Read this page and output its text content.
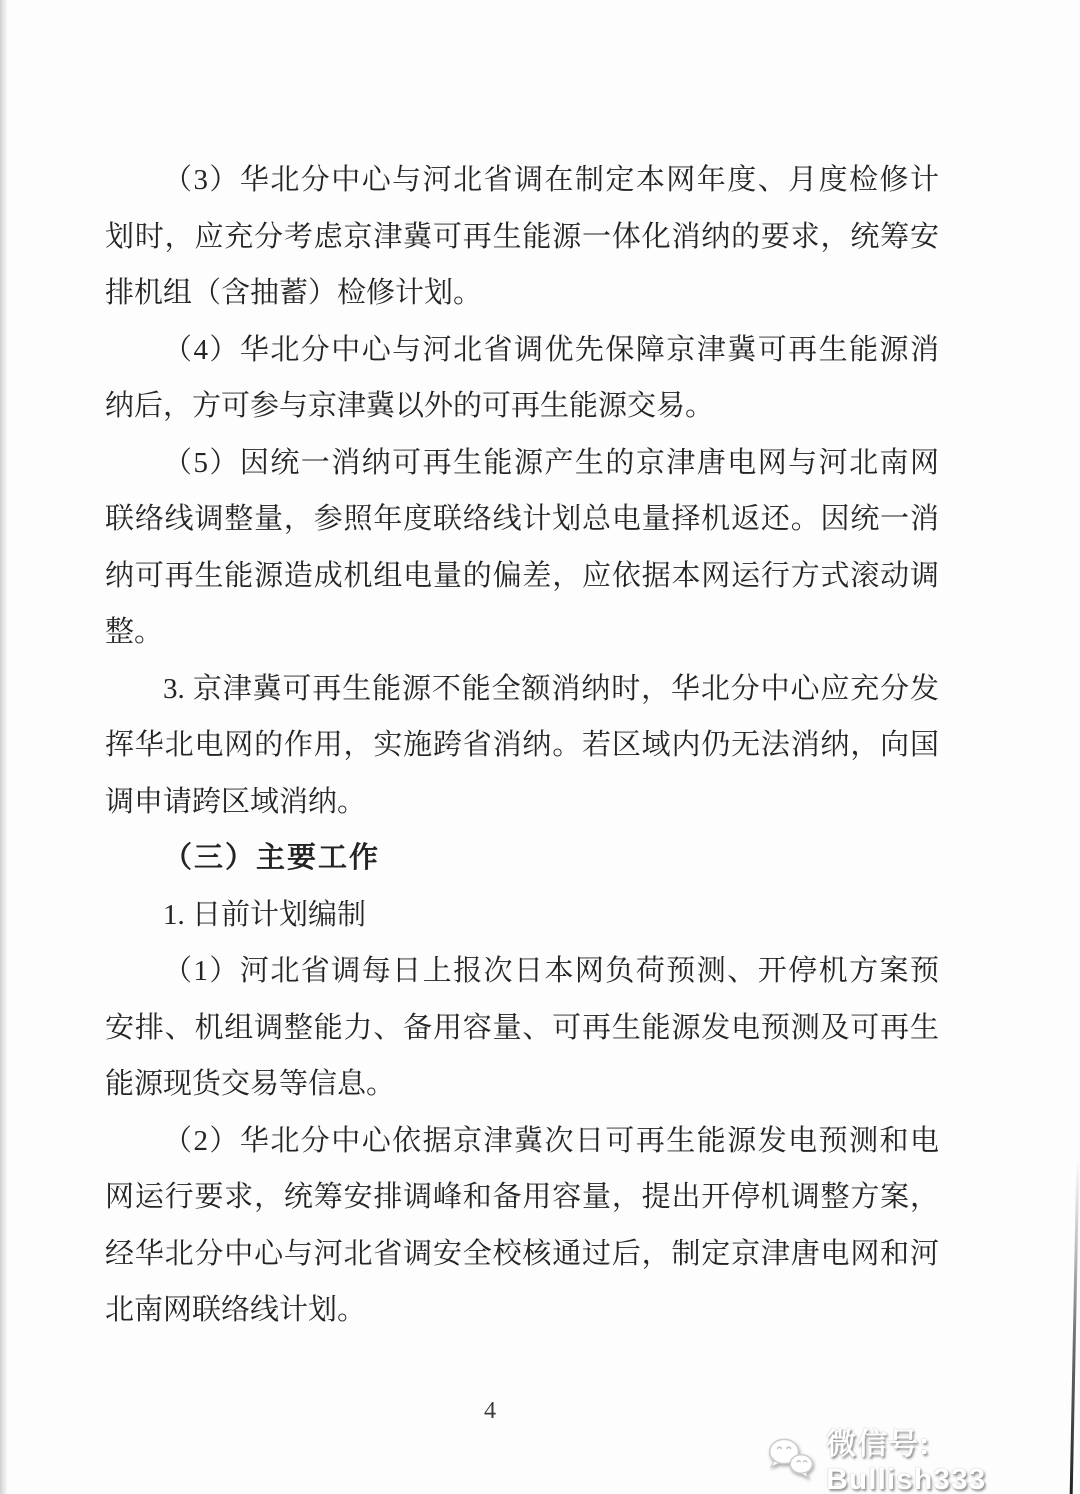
（3）华北分中心与河北省调在制定本网年度、月度检修计
划时，应充分考虑京津冀可再生能源一体化消纳的要求，统筹安
排机组（含抽蓄）检修计划。
（4）华北分中心与河北省调优先保障京津冀可再生能源消
纳后，方可参与京津冀以外的可再生能源交易。
（5）因统一消纳可再生能源产生的京津唐电网与河北南网
联络线调整量，参照年度联络线计划总电量择机返还。因统一消
纳可再生能源造成机组电量的偏差，应依据本网运行方式滚动调
整。
3. 京津冀可再生能源不能全额消纳时，华北分中心应充分发
挥华北电网的作用，实施跨省消纳。若区域内仍无法消纳，向国
调申请跨区域消纳。
（三）主要工作
1. 日前计划编制
（1）河北省调每日上报次日本网负荷预测、开停机方案预
安排、机组调整能力、备用容量、可再生能源发电预测及可再生
能源现货交易等信息。
（2）华北分中心依据京津冀次日可再生能源发电预测和电
网运行要求，统筹安排调峰和备用容量，提出开停机调整方案，
经华北分中心与河北省调安全校核通过后，制定京津唐电网和河
北南网联络线计划。
4
微信号: Bullish333
